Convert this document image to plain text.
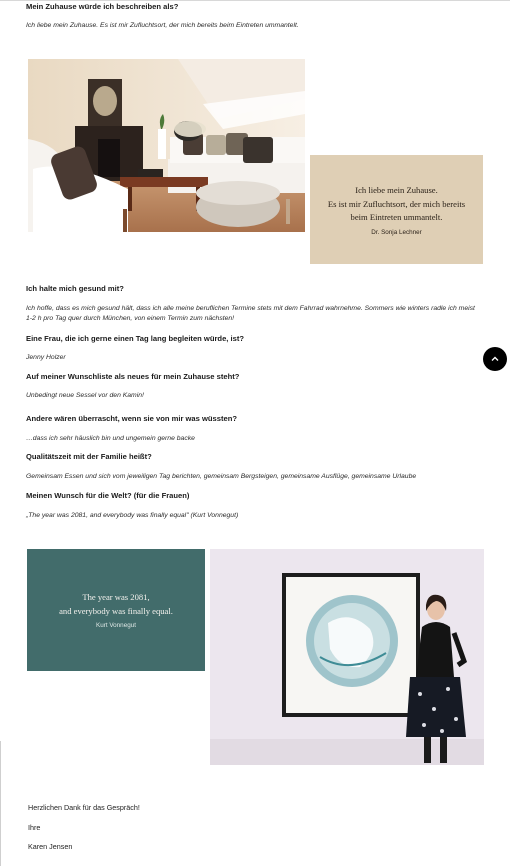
Mein Zuhause würde ich beschreiben als?
Ich liebe mein Zuhause. Es ist mir Zufluchtsort, der mich bereits beim Eintreten ummantelt.
Ich liebe mein Zuhause.
Es ist mir Zufluchtsort, der mich bereits
beim Eintreten ummantelt.
Dr. Sonja Lechner
Ich halte mich gesund mit?
Ich hoffe, dass es mich gesund hält, dass ich alle meine beruflichen Termine stets mit dem Fahrrad wahrnehme. Sommers wie winters radle ich meist 1-2 h pro Tag quer durch München, von einem Termin zum nächsten!
Eine Frau, die ich gerne einen Tag lang begleiten würde, ist?
Jenny Holzer
Auf meiner Wunschliste als neues für mein Zuhause steht?
Unbedingt neue Sessel vor den Kamin!
Andere wären überrascht, wenn sie von mir was wüssten?
…dass ich sehr häuslich bin und ungemein gerne backe
Qualitätszeit mit der Familie heißt?
Gemeinsam Essen und sich vom jeweiligen Tag berichten, gemeinsam Bergsteigen, gemeinsame Ausflüge, gemeinsame Urlaube
Meinen Wunsch für die Welt? (für die Frauen)
„The year was 2081, and everybody was finally equal" (Kurt Vonnegut)
The year was 2081,
and everybody was finally equal.
Kurt Vonnegut
Herzlichen Dank für das Gespräch!
Ihre
Karen Jensen
